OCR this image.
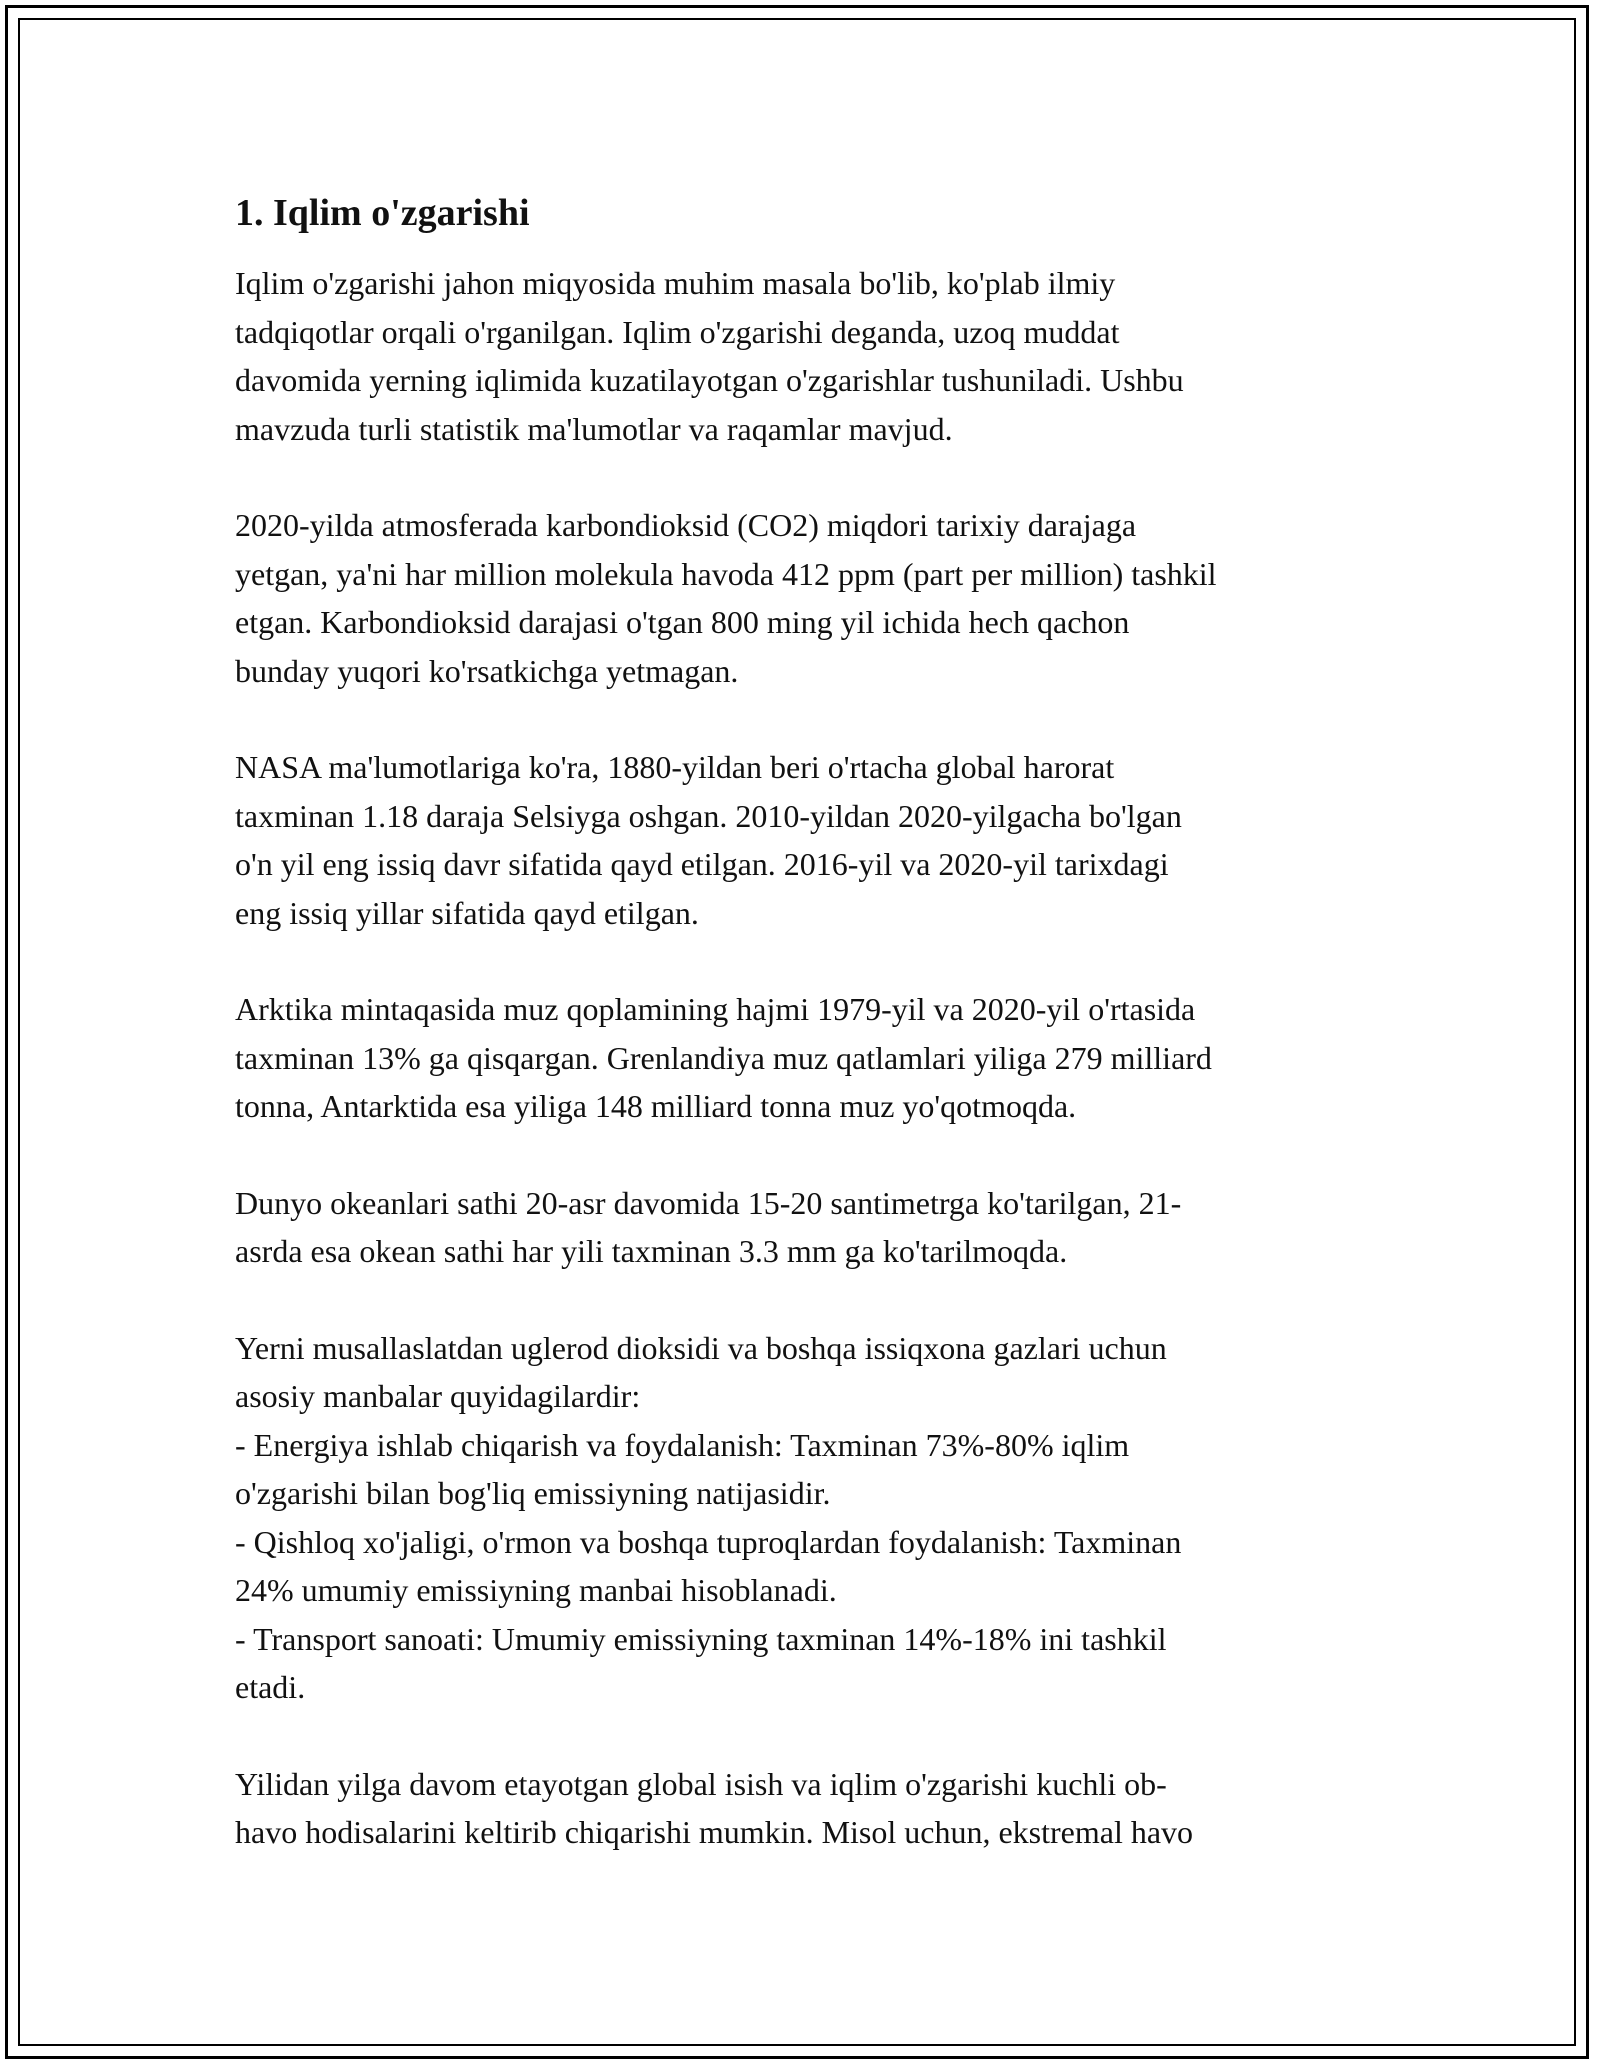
1. Iqlim o'zgarishi

Iqlim o'zgarishi jahon miqyosida muhim masala bo'lib, ko'plab ilmiy
tadqiqotlar orqali o'rganilgan. Iqlim o'zgarishi deganda, uzoq muddat
davomida yerning iqlimida kuzatilayotgan o'zgarishlar tushuniladi. Ushbu
mavzuda turli statistik ma'lumotlar va raqamlar mavjud.

2020-yilda atmosferada karbondioksid (CO2) miqdori tarixiy darajaga
yetgan, ya'ni har million molekula havoda 412 ppm (part per million) tashkil
etgan. Karbondioksid darajasi o'tgan 800 ming yil ichida hech qachon
bunday yuqori ko'rsatkichga yetmagan.

NASA ma'lumotlariga ko'ra, 1880-yildan beri o'rtacha global harorat
taxminan 1.18 daraja Selsiyga oshgan. 2010-yildan 2020-yilgacha bo'lgan
o'n yil eng issiq davr sifatida qayd etilgan. 2016-yil va 2020-yil tarixdagi
eng issiq yillar sifatida qayd etilgan.

Arktika mintaqasida muz qoplamining hajmi 1979-yil va 2020-yil o'rtasida
taxminan 13% ga qisqargan. Grenlandiya muz qatlamlari yiliga 279 milliard
tonna, Antarktida esa yiliga 148 milliard tonna muz yo'qotmoqda.

Dunyo okeanlari sathi 20-asr davomida 15-20 santimetrga ko'tarilgan, 21-
asrda esa okean sathi har yili taxminan 3.3 mm ga ko'tarilmoqda.

Yerni musallaslatdan uglerod dioksidi va boshqa issiqxona gazlari uchun
asosiy manbalar quyidagilardir:
- Energiya ishlab chiqarish va foydalanish: Taxminan 73%-80% iqlim
o'zgarishi bilan bog'liq emissiyning natijasidir.
- Qishloq xo'jaligi, o'rmon va boshqa tuproqlardan foydalanish: Taxminan
24% umumiy emissiyning manbai hisoblanadi.
- Transport sanoati: Umumiy emissiyning taxminan 14%-18% ini tashkil
etadi.

Yilidan yilga davom etayotgan global isish va iqlim o'zgarishi kuchli ob-
havo hodisalarini keltirib chiqarishi mumkin. Misol uchun, ekstremal havo
